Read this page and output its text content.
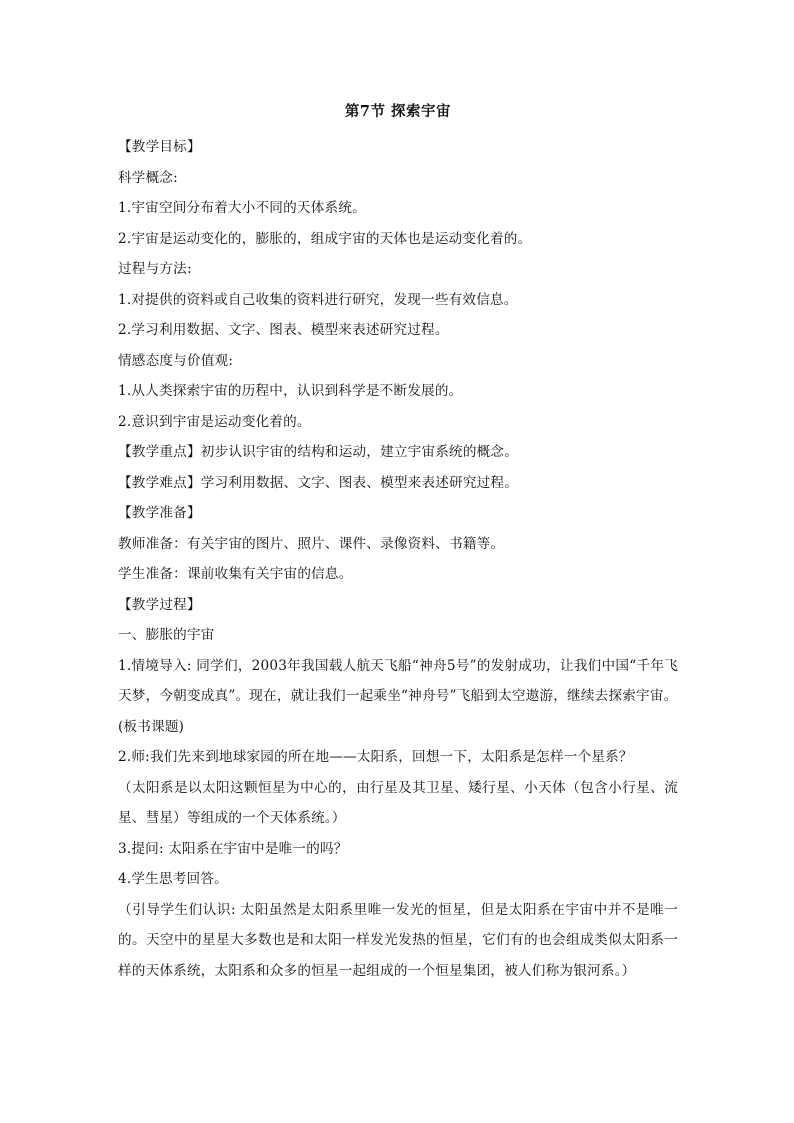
第7节 探索宇宙

【教学目标】

科学概念:

1.宇宙空间分布着大小不同的天体系统。

2.宇宙是运动变化的，膨胀的，组成宇宙的天体也是运动变化着的。

过程与方法:

1.对提供的资料或自己收集的资料进行研究，发现一些有效信息。

2.学习利用数据、文字、图表、模型来表述研究过程。

情感态度与价值观:

1.从人类探索宇宙的历程中，认识到科学是不断发展的。

2.意识到宇宙是运动变化着的。

【教学重点】初步认识宇宙的结构和运动，建立宇宙系统的概念。

【教学难点】学习利用数据、文字、图表、模型来表述研究过程。

【教学准备】

教师准备：有关宇宙的图片、照片、课件、录像资料、书籍等。

学生准备：课前收集有关宇宙的信息。

【教学过程】

一、膨胀的宇宙

1.情境导入: 同学们，2003年我国载人航天飞船“神舟5号”的发射成功，让我们中国“千年飞天梦，今朝变成真”。现在，就让我们一起乘坐“神舟号”飞船到太空遨游，继续去探索宇宙。

(板书课题)

2.师:我们先来到地球家园的所在地——太阳系，回想一下，太阳系是怎样一个星系？

（太阳系是以太阳这颗恒星为中心的，由行星及其卫星、矮行星、小天体（包含小行星、流星、彗星）等组成的一个天体系统。）

3.提问: 太阳系在宇宙中是唯一的吗？

4.学生思考回答。

（引导学生们认识: 太阳虽然是太阳系里唯一发光的恒星，但是太阳系在宇宙中并不是唯一的。天空中的星星大多数也是和太阳一样发光发热的恒星，它们有的也会组成类似太阳系一样的天体系统，太阳系和众多的恒星一起组成的一个恒星集团，被人们称为银河系。）
